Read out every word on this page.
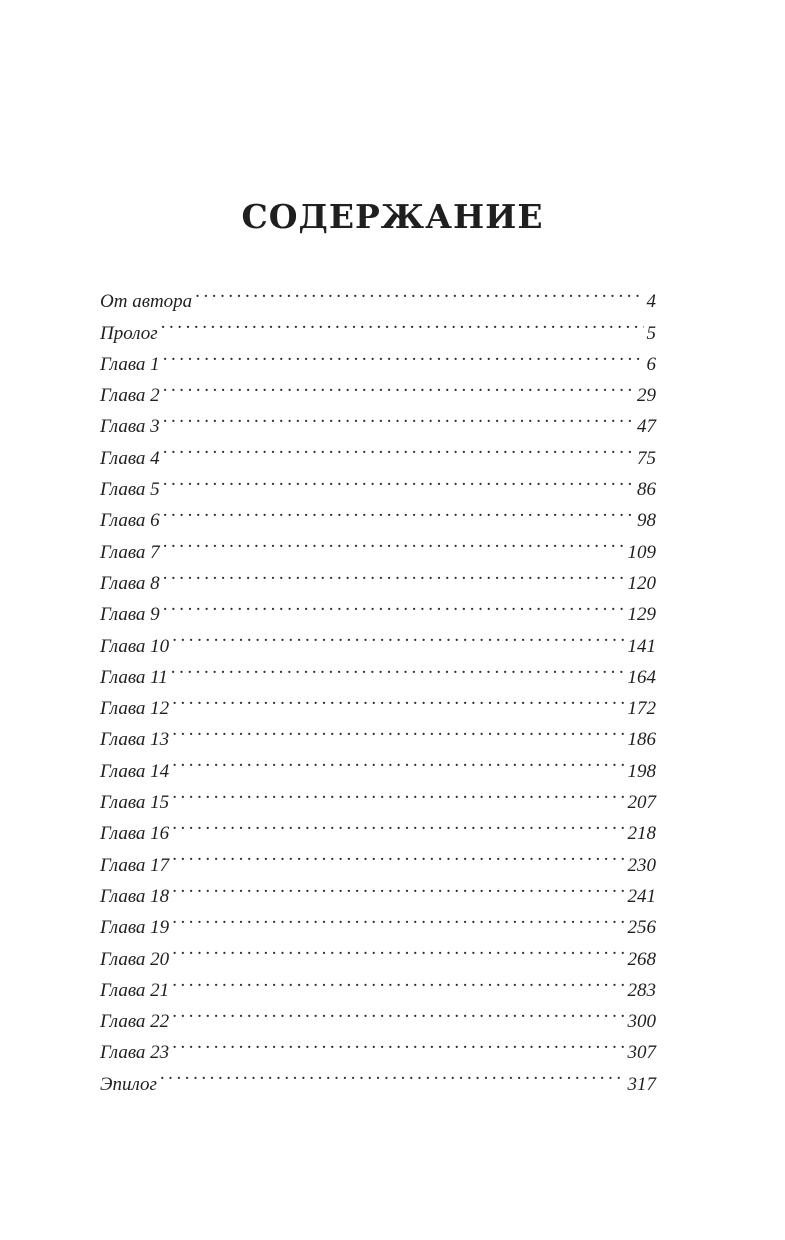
СОДЕРЖАНИЕ
От автора . . .	4
Пролог . . .	5
Глава 1 . . .	6
Глава 2 . . .	29
Глава 3 . . .	47
Глава 4 . . .	75
Глава 5 . . .	86
Глава 6 . . .	98
Глава 7 . . .	109
Глава 8 . . .	120
Глава 9 . . .	129
Глава 10 . . .	141
Глава 11 . . .	164
Глава 12 . . .	172
Глава 13 . . .	186
Глава 14 . . .	198
Глава 15 . . .	207
Глава 16 . . .	218
Глава 17 . . .	230
Глава 18 . . .	241
Глава 19 . . .	256
Глава 20 . . .	268
Глава 21 . . .	283
Глава 22 . . .	300
Глава 23 . . .	307
Эпилог . . .	317
